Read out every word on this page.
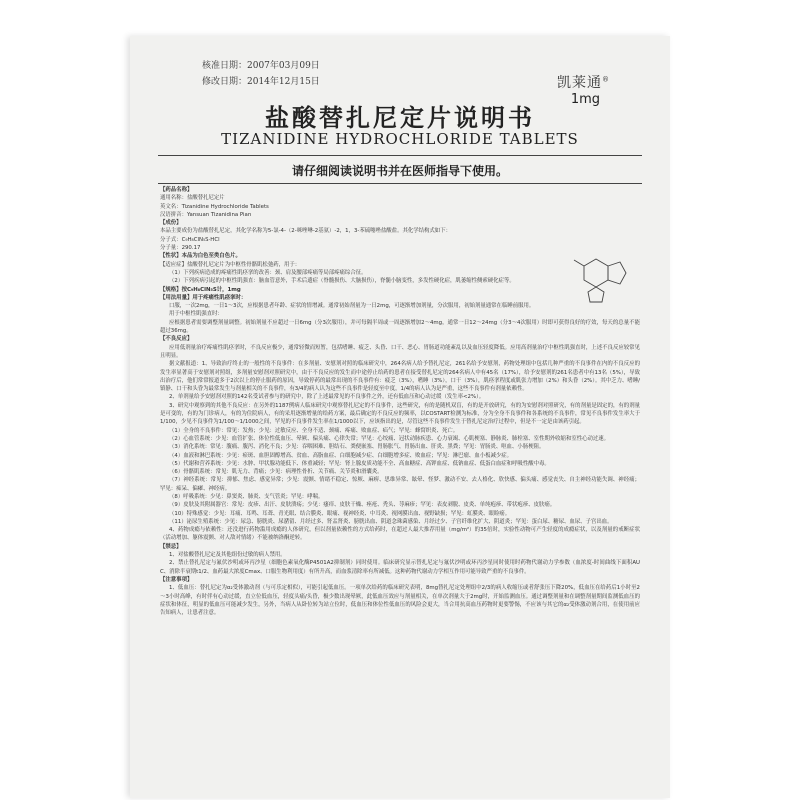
核准日期：2007年03月09日
修改日期：2014年12月15日	凯莱通®
1mg
盐酸替扎尼定片说明书
TIZANIDINE HYDROCHLORIDE TABLETS
请仔细阅读说明书并在医师指导下使用。
【药品名称】
通用名称：盐酸替扎尼定片
英文名：Tizanidine Hydrochloride Tablets
汉语拼音：Yansuan Tizanidina Pian
【成份】
本品主要成份为盐酸替扎尼定，其化学名称为5-氯-4-（2-咪唑啉-2基氨）-2，1，3-苯硫噻唑盐酸盐。其化学结构式如下：
分子式：C₉H₈ClN₅S·HCl
分子量：290.17
【性状】本品为白色至类白色片。
【适应症】盐酸替扎尼定片为中枢性骨骼肌松弛药，用于：
（1）下列疾病造成的疼痛性肌痉挛的改善：颈、肩及腰部疼痛等局部疼痛综合征。
（2）下列疾病引起的中枢性肌强直：脑血管意外，手术后遗症（脊髓损伤、大脑损伤），脊髓小脑变性，多发性硬化症，肌萎缩性侧索硬化症等。
【规格】按C₉H₈ClN₅S计，1mg
【用法用量】用于疼痛性肌痉挛时：
口服，一次2mg，一日1～3次，应根据患者年龄、症状的情增减。通常初始剂量为一日2mg，可逐渐增加剂量，分次服用，初始剂量通常在临睡前服用。
用于中枢性肌强直时：
应根据患者需要调整剂量调整。初始剂量不应超过一日6mg（分3次服用），并可每隔半周或一周逐渐增加2～4mg，通常一日12～24mg（分3～4次服用）时即可获得良好的疗效，每天的总量不能超过36mg。
【不良反应】
应用低剂量治疗疼痛性肌痉挛时，不良反应极少，通常轻微而短暂，包括嗜睡、疲乏、头昏、口干、恶心、胃肠道功能紊乱以及血压轻度降低。应用高剂量治疗中枢性肌强直时，上述不良反应较常见且明显。
据文献报道：1、导致治疗终止的一般性的不良事件：在多剂量、安慰剂对照的临床研究中，264名病人给予替扎尼定，261名给予安慰剂，药物处理组中包括几种严重的不良事件在内的不良反应的发生率显著高于安慰剂对照组，多剂量安慰剂对照研究中，由于不良反应的发生而中途停止给药的患者在接受替扎尼定的264名病人中有45名（17%），给予安慰剂的261名患者中有13名（5%），导致出治疗后，他们常常报道多于2次以上的停止服药的原因，导致停药的最常出现的不良事件有：疲乏（3%），嗜睡（3%），口干（3%），肌痉挛程度或肌张力增加（2%）和头昏（2%）。其中乏力、嗜睡/镇静、口干和头昏为最常发生与剂量相关的不良事件，有3/4的病人认为这些不良事件是轻度至中度，1/4的病人认为是严重，这些不良事件有剂量依赖性。
2、单剂量给予安慰剂对照的142名受试者参与的研究中，除了上述最常见的不良事件之外，还有低血压和心动过缓（发生率<2%）。
3、研究中观察到的其他不良反应：在另外的1187例病人临床研究中观察替扎尼定的不良事件，这些研究，有的是随机双盲，有的是开放研究，有的为安慰剂对照研究，有的剂量是固定的，有的剂量是可变的，有的为门诊病人，有的为住院病人，有的采用逐渐增量的给药方案，最后确定的不良反应的频率，以COSTART检测为标准，分为全身不良事件和各系统的不良事件，常见不良事件发生率大于1/100，少见不良事件为1/100～1/1000之间，罕见的不良事件发生率在1/1000以下，应该指出的是，尽管这些不良事件发生于替扎尼定治疗过程中，但是不一定是由该药引起。
（1）全身的不良事件：常见：发热；少见：过敏反应、全身不适、颈痛、疼痛、败血症、疝气；罕见：蜂窝织炎、死亡。
（2）心血管系统：少见：血管扩张、体位性低血压、晕厥、偏头痛、心律失常；罕见：心绞痛、冠状动脉疾患、心力衰竭、心肌梗塞、静脉炎、肺栓塞、室性期外收缩和室性心动过速。
（3）消化系统：常见：腹痛、腹泻、消化不良；少见：吞咽困难、胆结石、粪便嵌塞、胃肠胀气、胃肠出血、肝炎、黑粪；罕见：胃肠炎、呕血、小肠梗阻。
（4）血液和淋巴系统：少见：瘀斑、血胆固醇增高、贫血、高脂血症、白细胞减少症、白细胞增多症、败血症；罕见：淋巴瘤、血小板减少症。
（5）代谢和营养系统：少见：水肿、甲状腺功能低下、体重减轻；罕见：肾上腺皮质功能不全、高血糖症、高钾血症、低钠血症、低蛋白血症和呼吸性酸中毒。
（6）骨骼肌系统：常见：肌无力、背痛；少见：病理性骨折、关节痛、关节炎和滑囊炎。
（7）神经系统：常见：抑郁、焦虑、感觉异常；少见：震颤、情绪不稳定、惊厥、麻痹、思维异常、眩晕、怪梦、激动不安、去人格化、欣快感、偏头痛、感觉丧失、自主神经功能失调、神经痛；罕见：痴呆、偏瘫、神经病。
（8）呼吸系统：少见：鼻窦炎、肺炎、支气管炎；罕见：哮喘。
（9）皮肤及其附属器官：常见：皮疹、出汗、皮肤溃疡；少见：瘙痒、皮肤干燥、痤疮、秃头、荨麻疹；罕见：表皮剥脱、皮炎、单纯疱疹、带状疱疹、皮肤癌。
（10）特殊感觉：少见：耳痛、耳鸣、耳聋、青光眼、结合膜炎、眼痛、视神经炎、中耳炎、视网膜出血、视野缺损；罕见：虹膜炎、眼睑癌。
（11）泌尿生殖系统：少见：尿急、膀胱炎、尿潴留、月经过多、肾盂肾炎、膀胱出血、阴道念珠菌感染、月经过少、子宫纤维化扩大、阴道炎；罕见：蛋白尿、糖尿、血尿、子宫出血。
4、药物成瘾与依赖性：还没进行药物滥用成瘾的人体研究，但以剂量依赖性的方式给药时，在超过人最大推荐用量（mg/m²）的35倍时，实验性动物可产生轻度的成瘾症状，以及剂量的戒断症状（活动增加、躯体震颤、对人敌对情绪）不能被纳洛酮逆转。
【禁忌】
1、对盐酸替扎尼定及其他组份过敏的病人禁用。
2、禁止替扎尼定与氟伏沙明或环丙沙星（细胞色素氧化酶P4501A2抑制剂）同时使用。临床研究显示替扎尼定与氟伏沙明或环丙沙星同时使用时药物代谢动力学参数（血浓度-时间曲线下面积AUC、消除半衰期t1/2、血药最大浓度Cmax、口服生物利用度）有所升高，而血浆清除率有所减低。这种药物代谢动力学相互作用可能导致严重的不良事件。
【注意事项】
1、低血压：替扎尼定为α₂受体激动剂（与可乐定相似），可能引起低血压。一项单次给药的临床研究表明，8mg替扎尼定处理组中2/3的病人收缩压或者舒张压下降20%，低血压在给药后1小时至2～3小时高峰，有时伴有心动过缓，直立位低血压，轻度头痛/头昏，极少数出现晕厥，此低血压效应与剂量相关，在单次剂量大于2mg时，开始监测血压。通过调整剂量和在调整剂量期间监测低血压的症状和体征，明显的低血压可能减少发生，另外，当病人从卧位转为站立位时，低血压和体位性低血压的风险会更大，当合用抗高血压药物时更要警惕，不应该与其它的α₂受体激动剂合用，在使用前应告知病人，让患者注意。
